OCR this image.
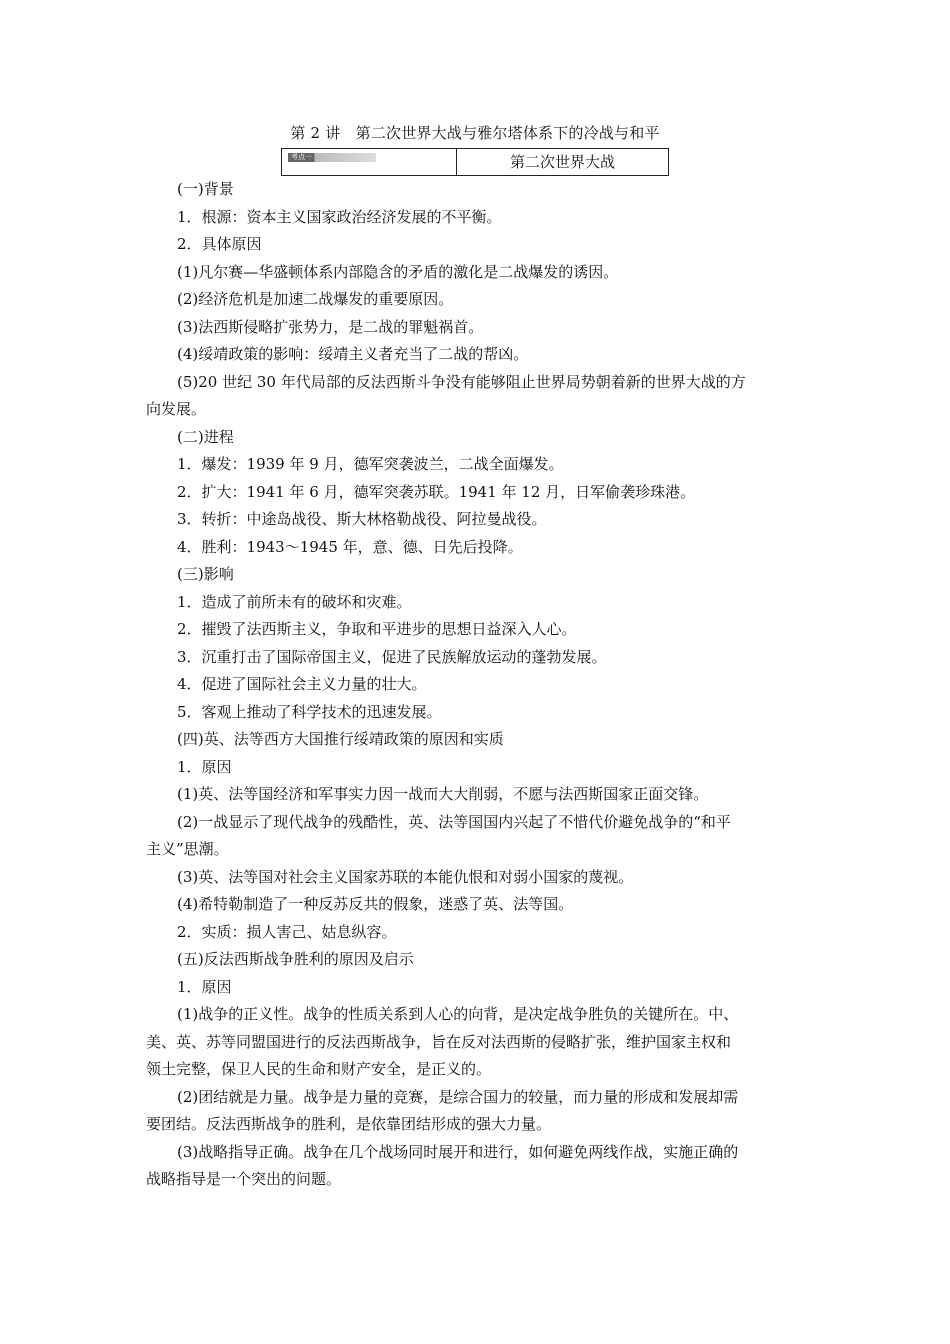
第 2 讲　第二次世界大战与雅尔塔体系下的冷战与和平
考点一	第二次世界大战
(一)背景
1．根源：资本主义国家政治经济发展的不平衡。
2．具体原因
(1)凡尔赛—华盛顿体系内部隐含的矛盾的激化是二战爆发的诱因。
(2)经济危机是加速二战爆发的重要原因。
(3)法西斯侵略扩张势力，是二战的罪魁祸首。
(4)绥靖政策的影响：绥靖主义者充当了二战的帮凶。
(5)20 世纪 30 年代局部的反法西斯斗争没有能够阻止世界局势朝着新的世界大战的方
向发展。
(二)进程
1．爆发：1939 年 9 月，德军突袭波兰，二战全面爆发。
2．扩大：1941 年 6 月，德军突袭苏联。1941 年 12 月，日军偷袭珍珠港。
3．转折：中途岛战役、斯大林格勒战役、阿拉曼战役。
4．胜利：1943～1945 年，意、德、日先后投降。
(三)影响
1．造成了前所未有的破坏和灾难。
2．摧毁了法西斯主义，争取和平进步的思想日益深入人心。
3．沉重打击了国际帝国主义，促进了民族解放运动的蓬勃发展。
4．促进了国际社会主义力量的壮大。
5．客观上推动了科学技术的迅速发展。
(四)英、法等西方大国推行绥靖政策的原因和实质
1．原因
(1)英、法等国经济和军事实力因一战而大大削弱，不愿与法西斯国家正面交锋。
(2)一战显示了现代战争的残酷性，英、法等国国内兴起了不惜代价避免战争的“和平
主义”思潮。
(3)英、法等国对社会主义国家苏联的本能仇恨和对弱小国家的蔑视。
(4)希特勒制造了一种反苏反共的假象，迷惑了英、法等国。
2．实质：损人害己、姑息纵容。
(五)反法西斯战争胜利的原因及启示
1．原因
(1)战争的正义性。战争的性质关系到人心的向背，是决定战争胜负的关键所在。中、
美、英、苏等同盟国进行的反法西斯战争，旨在反对法西斯的侵略扩张，维护国家主权和
领土完整，保卫人民的生命和财产安全，是正义的。
(2)团结就是力量。战争是力量的竞赛，是综合国力的较量，而力量的形成和发展却需
要团结。反法西斯战争的胜利，是依靠团结形成的强大力量。
(3)战略指导正确。战争在几个战场同时展开和进行，如何避免两线作战，实施正确的
战略指导是一个突出的问题。
